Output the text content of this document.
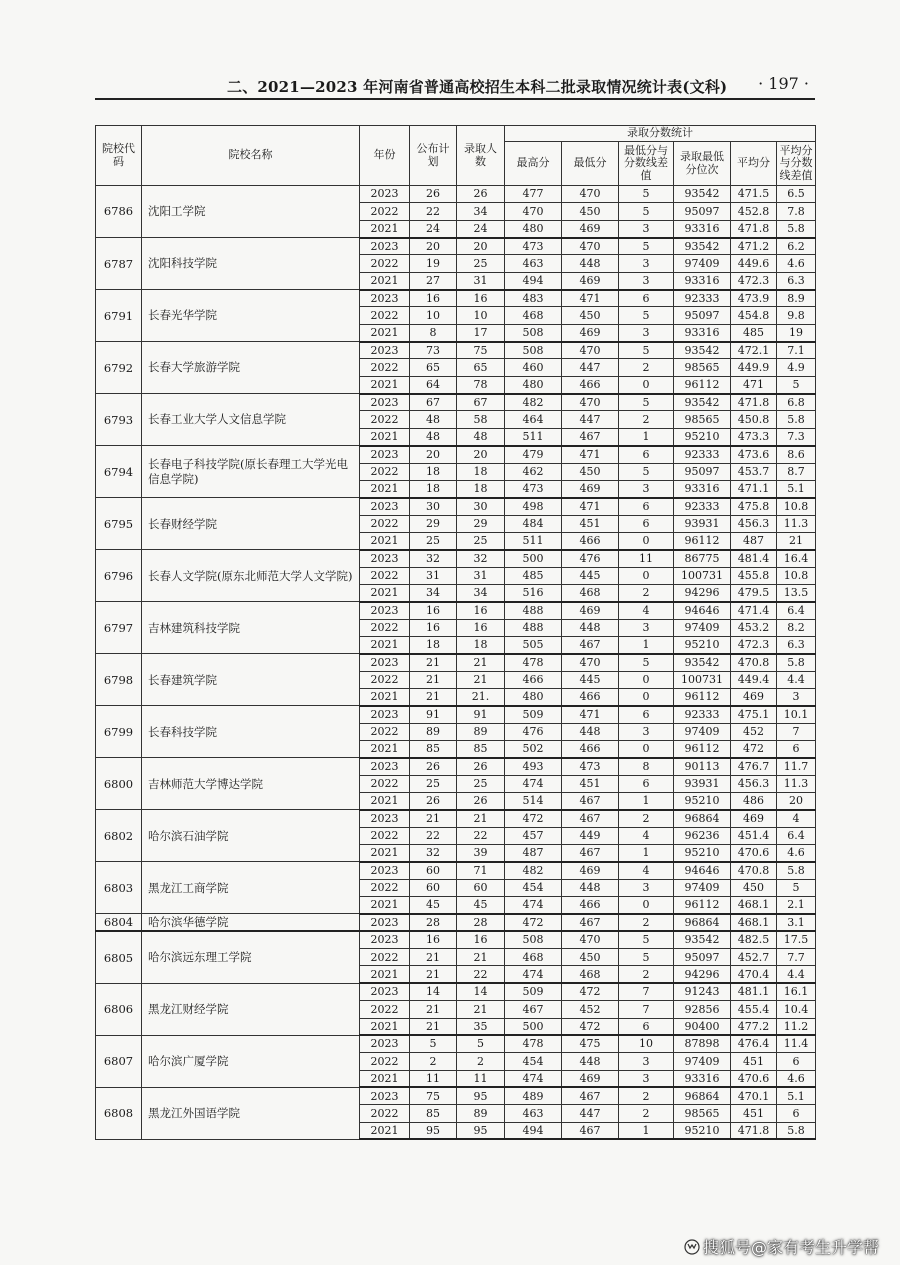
二、2021—2023 年河南省普通高校招生本科二批录取情况统计表(文科) · 197 ·
院校代码	院校名称	年份	公布计划	录取人数	录取分数统计					
					最高分	最低分	最低分与分数线差值	录取最低分位次	平均分	平均分与分数线差值
6786	沈阳工学院	2023	26	26	477	470	5	93542	471.5	6.5
		2022	22	34	470	450	5	95097	452.8	7.8
		2021	24	24	480	469	3	93316	471.8	5.8
6787	沈阳科技学院	2023	20	20	473	470	5	93542	471.2	6.2
		2022	19	25	463	448	3	97409	449.6	4.6
		2021	27	31	494	469	3	93316	472.3	6.3
6791	长春光华学院	2023	16	16	483	471	6	92333	473.9	8.9
		2022	10	10	468	450	5	95097	454.8	9.8
		2021	8	17	508	469	3	93316	485	19
6792	长春大学旅游学院	2023	73	75	508	470	5	93542	472.1	7.1
		2022	65	65	460	447	2	98565	449.9	4.9
		2021	64	78	480	466	0	96112	471	5
6793	长春工业大学人文信息学院	2023	67	67	482	470	5	93542	471.8	6.8
		2022	48	58	464	447	2	98565	450.8	5.8
		2021	48	48	511	467	1	95210	473.3	7.3
6794	长春电子科技学院(原长春理工大学光电信息学院)	2023	20	20	479	471	6	92333	473.6	8.6
		2022	18	18	462	450	5	95097	453.7	8.7
		2021	18	18	473	469	3	93316	471.1	5.1
6795	长春财经学院	2023	30	30	498	471	6	92333	475.8	10.8
		2022	29	29	484	451	6	93931	456.3	11.3
		2021	25	25	511	466	0	96112	487	21
6796	长春人文学院(原东北师范大学人文学院)	2023	32	32	500	476	11	86775	481.4	16.4
		2022	31	31	485	445	0	100731	455.8	10.8
		2021	34	34	516	468	2	94296	479.5	13.5
6797	吉林建筑科技学院	2023	16	16	488	469	4	94646	471.4	6.4
		2022	16	16	488	448	3	97409	453.2	8.2
		2021	18	18	505	467	1	95210	472.3	6.3
6798	长春建筑学院	2023	21	21	478	470	5	93542	470.8	5.8
		2022	21	21	466	445	0	100731	449.4	4.4
		2021	21	21.	480	466	0	96112	469	3
6799	长春科技学院	2023	91	91	509	471	6	92333	475.1	10.1
		2022	89	89	476	448	3	97409	452	7
		2021	85	85	502	466	0	96112	472	6
6800	吉林师范大学博达学院	2023	26	26	493	473	8	90113	476.7	11.7
		2022	25	25	474	451	6	93931	456.3	11.3
		2021	26	26	514	467	1	95210	486	20
6802	哈尔滨石油学院	2023	21	21	472	467	2	96864	469	4
		2022	22	22	457	449	4	96236	451.4	6.4
		2021	32	39	487	467	1	95210	470.6	4.6
6803	黑龙江工商学院	2023	60	71	482	469	4	94646	470.8	5.8
		2022	60	60	454	448	3	97409	450	5
		2021	45	45	474	466	0	96112	468.1	2.1
6804	哈尔滨华德学院	2023	28	28	472	467	2	96864	468.1	3.1
6805	哈尔滨远东理工学院	2023	16	16	508	470	5	93542	482.5	17.5
		2022	21	21	468	450	5	95097	452.7	7.7
		2021	21	22	474	468	2	94296	470.4	4.4
6806	黑龙江财经学院	2023	14	14	509	472	7	91243	481.1	16.1
		2022	21	21	467	452	7	92856	455.4	10.4
		2021	21	35	500	472	6	90400	477.2	11.2
6807	哈尔滨广厦学院	2023	5	5	478	475	10	87898	476.4	11.4
		2022	2	2	454	448	3	97409	451	6
		2021	11	11	474	469	3	93316	470.6	4.6
6808	黑龙江外国语学院	2023	75	95	489	467	2	96864	470.1	5.1
		2022	85	89	463	447	2	98565	451	6
		2021	95	95	494	467	1	95210	471.8	5.8
搜狐号@家有考生升学帮
